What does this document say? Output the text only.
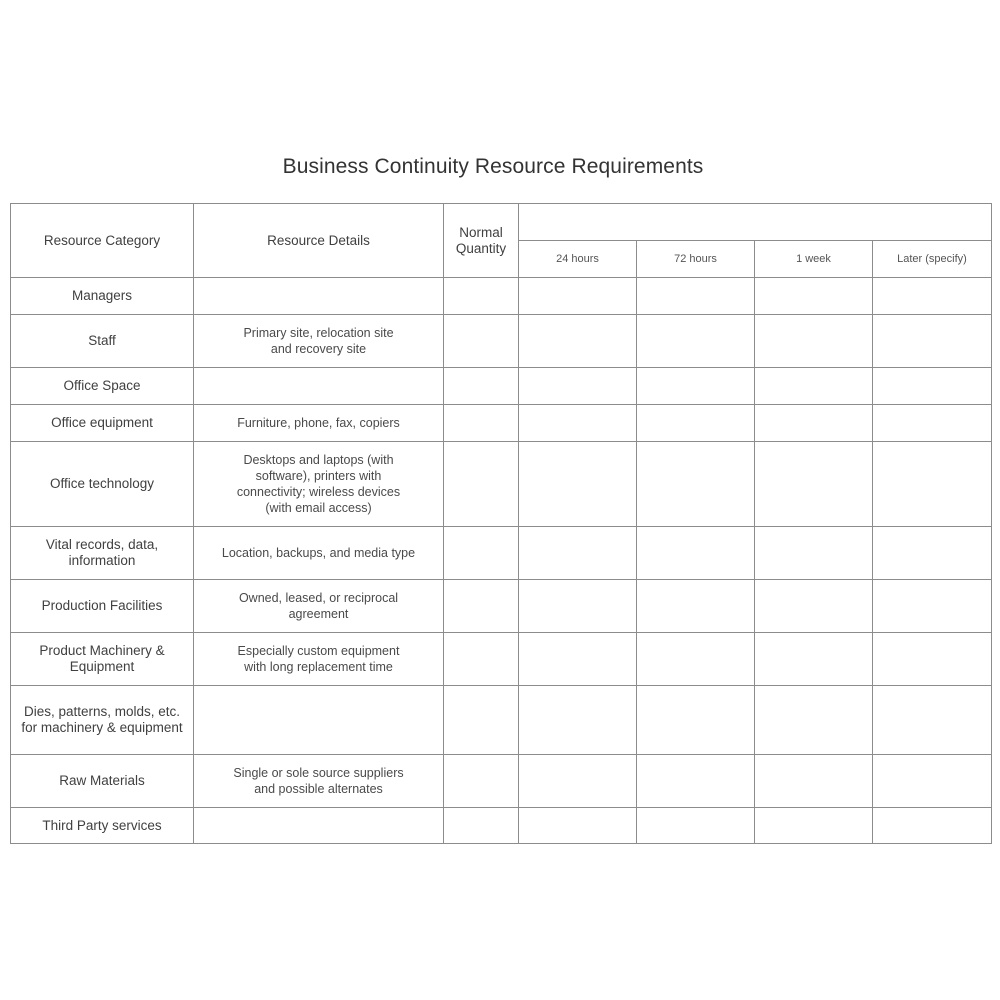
Business Continuity Resource Requirements
Resource Category	Resource Details	Normal Quantity				
			24 hours	72 hours	1 week	Later (specify)
Managers						
Staff	Primary site, relocation site and recovery site					
Office Space						
Office equipment	Furniture, phone, fax, copiers					
Office technology	Desktops and laptops (with software), printers with connectivity; wireless devices (with email access)					
Vital records, data, information	Location, backups, and media type					
Production Facilities	Owned, leased, or reciprocal agreement					
Product Machinery & Equipment	Especially custom equipment with long replacement time					
Dies, patterns, molds, etc. for machinery & equipment						
Raw Materials	Single or sole source suppliers and possible alternates					
Third Party services						
